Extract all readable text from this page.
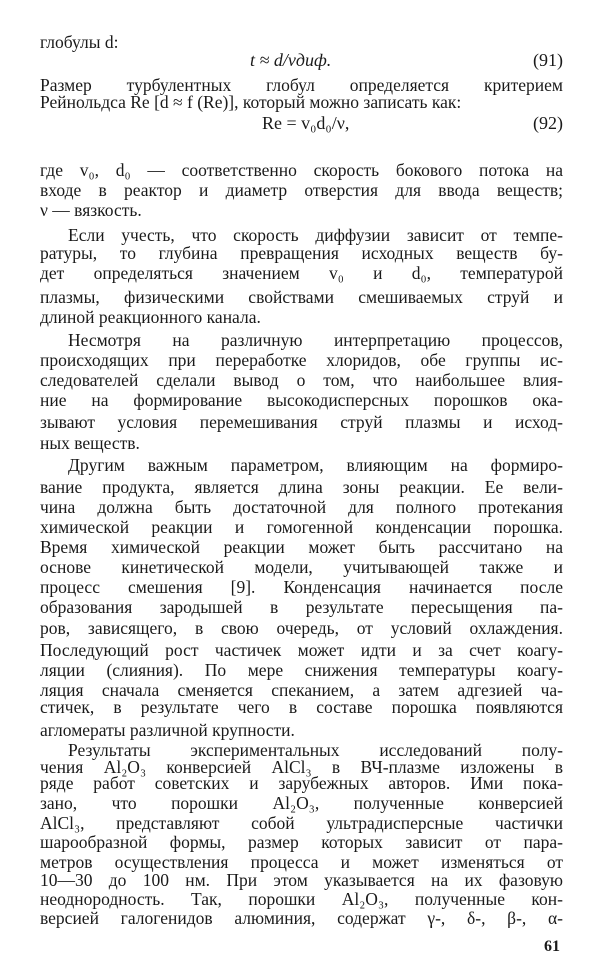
t ≈ d/vдиф.	(91)
Re = v₀d₀/ν,	(92)
61
глобулы d:
Размер турбулентных глобул определяется критерием
Рейнольдса Re [d ≈ f (Re)], который можно записать как:
где v₀, d₀ — соответственно скорость бокового потока на
входе в реактор и диаметр отверстия для ввода веществ;
ν — вязкость.
Если учесть, что скорость диффузии зависит от темпе-
ратуры, то глубина превращения исходных веществ бу-
дет определяться значением v₀ и d₀, температурой
плазмы, физическими свойствами смешиваемых струй и
длиной реакционного канала.
Несмотря на различную интерпретацию процессов,
происходящих при переработке хлоридов, обе группы ис-
следователей сделали вывод о том, что наибольшее влия-
ние на формирование высокодисперсных порошков ока-
зывают условия перемешивания струй плазмы и исход-
ных веществ.
Другим важным параметром, влияющим на формиро-
вание продукта, является длина зоны реакции. Ее вели-
чина должна быть достаточной для полного протекания
химической реакции и гомогенной конденсации порошка.
Время химической реакции может быть рассчитано на
основе кинетической модели, учитывающей также и
процесс смешения [9]. Конденсация начинается после
образования зародышей в результате пересыщения па-
ров, зависящего, в свою очередь, от условий охлаждения.
Последующий рост частичек может идти и за счет коагу-
ляции (слияния). По мере снижения температуры коагу-
ляция сначала сменяется спеканием, а затем адгезией ча-
стичек, в результате чего в составе порошка появляются
агломераты различной крупности.
Результаты экспериментальных исследований полу-
чения Al₂O₃ конверсией AlCl₃ в ВЧ-плазме изложены в
ряде работ советских и зарубежных авторов. Ими пока-
зано, что порошки Al₂O₃, полученные конверсией
AlCl₃, представляют собой ультрадисперсные частички
шарообразной формы, размер которых зависит от пара-
метров осуществления процесса и может изменяться от
10—30 до 100 нм. При этом указывается на их фазовую
неоднородность. Так, порошки Al₂O₃, полученные кон-
версией галогенидов алюминия, содержат γ-, δ-, β-, α-
